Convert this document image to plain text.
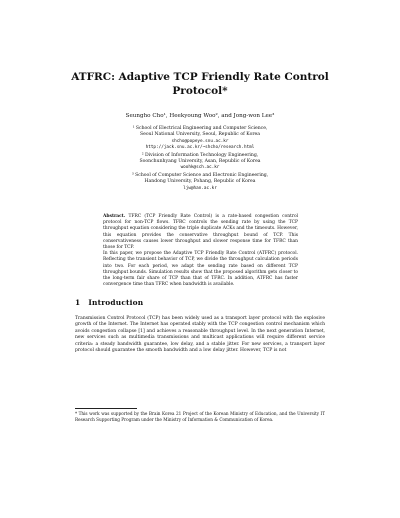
ATFRC: Adaptive TCP Friendly Rate Control Protocol*
Seungho Cho¹, Heekyoung Woo², and Jong-won Lee³
¹ School of Electrical Engineering and Computer Science,
Seoul National University, Seoul, Republic of Korea
shcho@popeye.snu.ac.kr
http://jack.snu.ac.kr/~shcho/research.html
² Division of Information Technology Engineering,
Soonchunhyang University, Asan, Republic of Korea
woohk@sch.ac.kr
³ School of Computer Science and Electronic Engineering,
Handong University, Pohang, Republic of Korea
ljw@han.ac.kr

Abstract. TFRC (TCP Friendly Rate Control) is a rate-based congestion control protocol for non-TCP flows. TFRC controls the sending rate by using the TCP throughput equation considering the triple duplicate ACKs and the timeouts. However, this equation provides the conservative throughput bound of TCP. This conservativeness causes lower throughput and slower response time for TFRC than those for TCP.

In this paper, we propose the Adaptive TCP Friendly Rate Control (ATFRC) protocol. Reflecting the transient behavior of TCP, we divide the throughput calculation periods into two. For each period, we adapt the sending rate based on different TCP throughput bounds. Simulation results show that the proposed algorithm gets closer to the long-term fair share of TCP than that of TFRC. In addition, ATFRC has faster convergence time than TFRC when bandwidth is available.

1 Introduction

Transmission Control Protocol (TCP) has been widely used as a transport layer protocol with the explosive growth of the Internet. The Internet has operated stably with the TCP congestion control mechanism which avoids congestion collapse [1] and achieves a reasonable throughput level. In the next generation Internet, new services such as multimedia transmissions and multicast applications will require different service criteria: a steady bandwidth guarantee, low delay, and a stable jitter. For new services, a transport layer protocol should guarantee the smooth bandwidth and a low delay jitter. However, TCP is not

* This work was supported by the Brain Korea 21 Project of the Korean Ministry of Education, and the University IT Research Supporting Program under the Ministry of Information & Communication of Korea.
